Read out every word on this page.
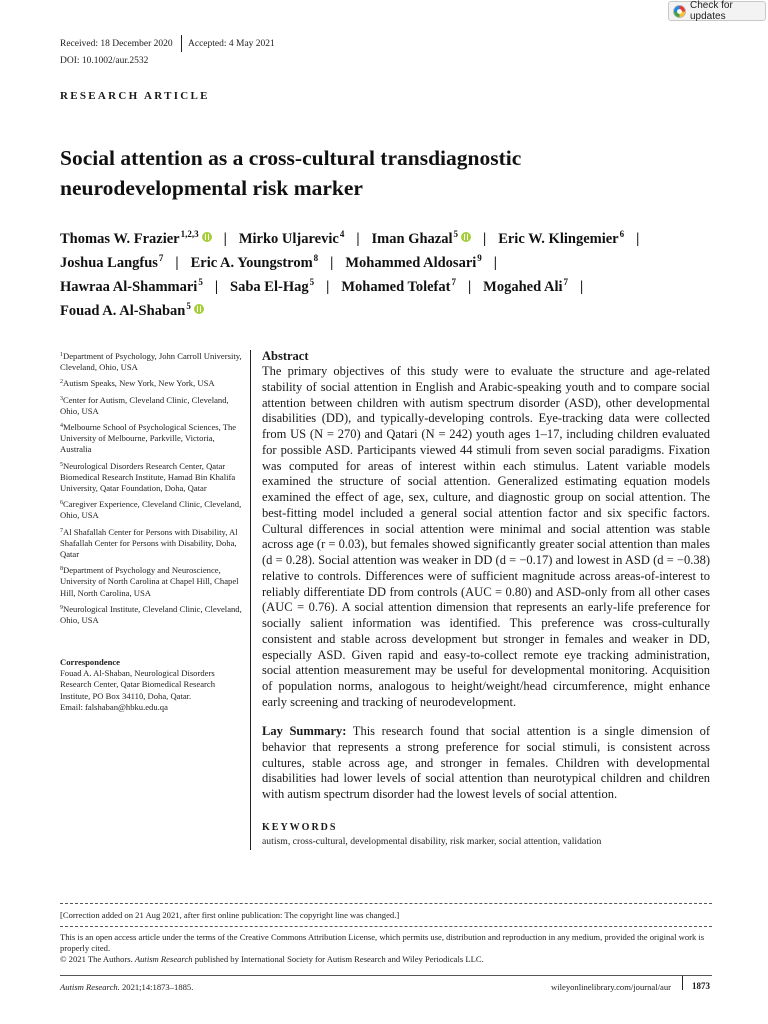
Check for updates
Received: 18 December 2020 Accepted: 4 May 2021
DOI: 10.1002/aur.2532
RESEARCH ARTICLE
Social attention as a cross-cultural transdiagnostic neurodevelopmental risk marker
Thomas W. Frazier$^{1,2,3}$ | Mirko Uljarevic$^4$ | Iman Ghazal$^5$ | Eric W. Klingemier$^6$ |
Joshua Langfus$^7$ | Eric A. Youngstrom$^8$ | Mohammed Aldosari$^9$ |
Hawraa Al-Shammari$^5$ | Saba El-Hag$^5$ | Mohamed Tolefat$^7$ | Mogahed Ali$^7$ |
Fouad A. Al-Shaban$^5$
$^1$Department of Psychology, John Carroll University, Cleveland, Ohio, USA
$^2$Autism Speaks, New York, New York, USA
$^3$Center for Autism, Cleveland Clinic, Cleveland, Ohio, USA
$^4$Melbourne School of Psychological Sciences, The University of Melbourne, Parkville, Victoria, Australia
$^5$Neurological Disorders Research Center, Qatar Biomedical Research Institute, Hamad Bin Khalifa University, Qatar Foundation, Doha, Qatar
$^6$Caregiver Experience, Cleveland Clinic, Cleveland, Ohio, USA
$^7$Al Shafallah Center for Persons with Disability, Al Shafallah Center for Persons with Disability, Doha, Qatar
$^8$Department of Psychology and Neuroscience, University of North Carolina at Chapel Hill, Chapel Hill, North Carolina, USA
$^9$Neurological Institute, Cleveland Clinic, Cleveland, Ohio, USA
Correspondence
Fouad A. Al-Shaban, Neurological Disorders Research Center, Qatar Biomedical Research Institute, PO Box 34110, Doha, Qatar.
Email: falshaban@hbku.edu.qa
Abstract

The primary objectives of this study were to evaluate the structure and age-related stability of social attention in English and Arabic-speaking youth and to compare social attention between children with autism spectrum disorder (ASD), other developmental disabilities (DD), and typically-developing controls. Eye-tracking data were collected from US (N = 270) and Qatari (N = 242) youth ages 1–17, including children evaluated for possible ASD. Participants viewed 44 stimuli from seven social paradigms. Fixation was computed for areas of interest within each stimulus. Latent variable models examined the structure of social attention. Generalized estimating equation models examined the effect of age, sex, culture, and diagnostic group on social attention. The best-fitting model included a general social attention factor and six specific factors. Cultural differences in social attention were minimal and social attention was stable across age (r = 0.03), but females showed significantly greater social attention than males (d = 0.28). Social attention was weaker in DD (d = −0.17) and lowest in ASD (d = −0.38) relative to controls. Differences were of sufficient magnitude across areas-of-interest to reliably differentiate DD from controls (AUC = 0.80) and ASD-only from all other cases (AUC = 0.76). A social attention dimension that represents an early-life preference for socially salient information was identified. This preference was cross-culturally consistent and stable across development but stronger in females and weaker in DD, especially ASD. Given rapid and easy-to-collect remote eye tracking administration, social attention measurement may be useful for developmental monitoring. Acquisition of population norms, analogous to height/weight/head circumference, might enhance early screening and tracking of neurodevelopment.

Lay Summary: This research found that social attention is a single dimension of behavior that represents a strong preference for social stimuli, is consistent across cultures, stable across age, and stronger in females. Children with developmental disabilities had lower levels of social attention than neurotypical children and children with autism spectrum disorder had the lowest levels of social attention.
KEYWORDS
autism, cross-cultural, developmental disability, risk marker, social attention, validation
[Correction added on 21 Aug 2021, after first online publication: The copyright line was changed.]
This is an open access article under the terms of the Creative Commons Attribution License, which permits use, distribution and reproduction in any medium, provided the original work is properly cited.
© 2021 The Authors. Autism Research published by International Society for Autism Research and Wiley Periodicals LLC.
Autism Research. 2021;14:1873–1885.	wileyonlinelibrary.com/journal/aur 1873
